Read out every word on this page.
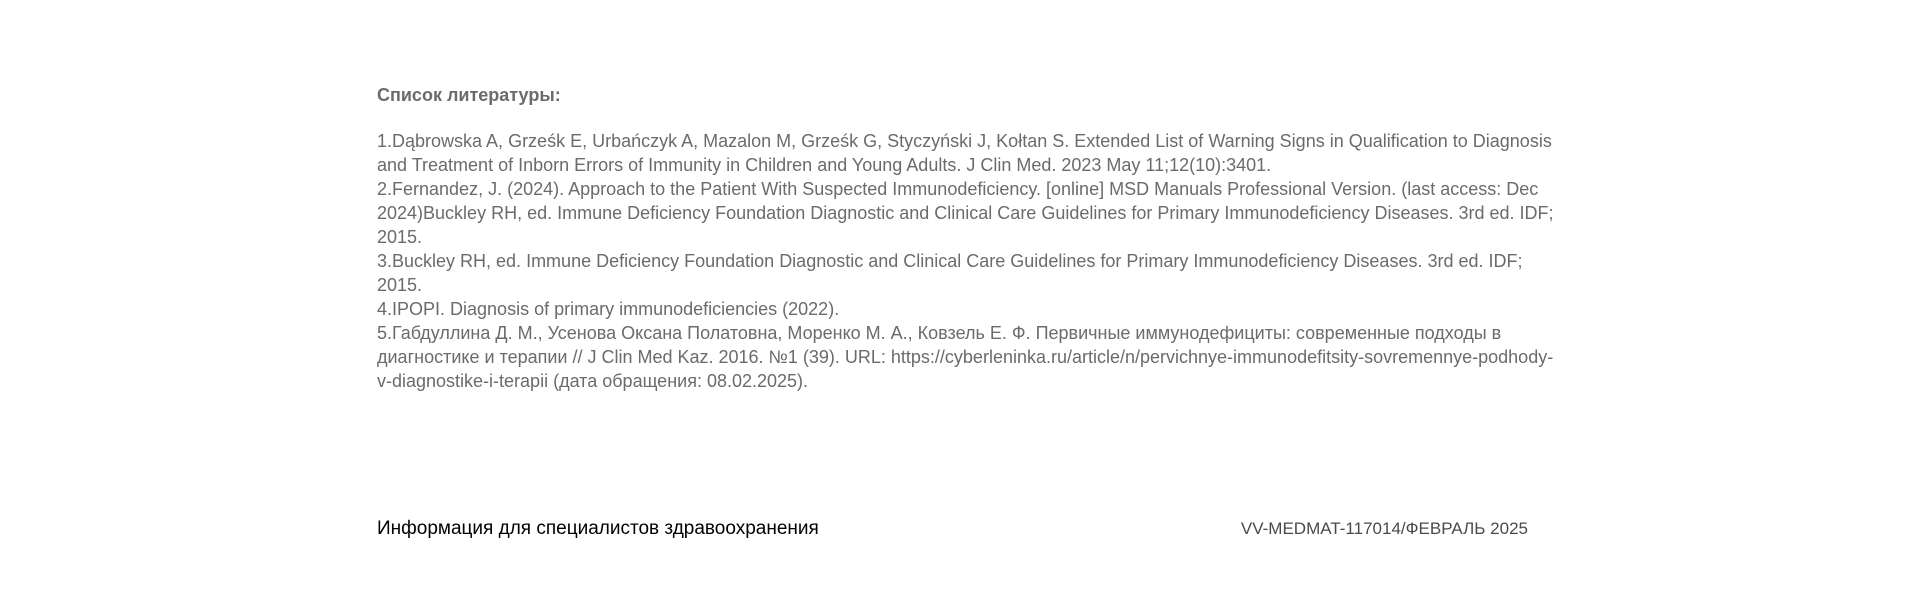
Список литературы:
1.Dąbrowska A, Grześk E, Urbańczyk A, Mazalon M, Grześk G, Styczyński J, Kołtan S. Extended List of Warning Signs in Qualification to Diagnosis and Treatment of Inborn Errors of Immunity in Children and Young Adults. J Clin Med. 2023 May 11;12(10):3401.
2.Fernandez, J. (2024). Approach to the Patient With Suspected Immunodeficiency. [online] MSD Manuals Professional Version. (last access: Dec 2024)Buckley RH, ed. Immune Deficiency Foundation Diagnostic and Clinical Care Guidelines for Primary Immunodeficiency Diseases. 3rd ed. IDF; 2015.
3.Buckley RH, ed. Immune Deficiency Foundation Diagnostic and Clinical Care Guidelines for Primary Immunodeficiency Diseases. 3rd ed. IDF; 2015.
4.IPOPI. Diagnosis of primary immunodeficiencies (2022).
5.Габдуллина Д. М., Усенова Оксана Полатовна, Моренко М. А., Ковзель Е. Ф. Первичные иммунодефициты: современные подходы в диагностике и терапии // J Clin Med Kaz. 2016. №1 (39). URL: https://cyberleninka.ru/article/n/pervichnye-immunodefitsity-sovremennye-podhody-v-diagnostike-i-terapii (дата обращения: 08.02.2025).
Информация для специалистов здравоохранения	VV-MEDMAT-117014/ФЕВРАЛЬ 2025
